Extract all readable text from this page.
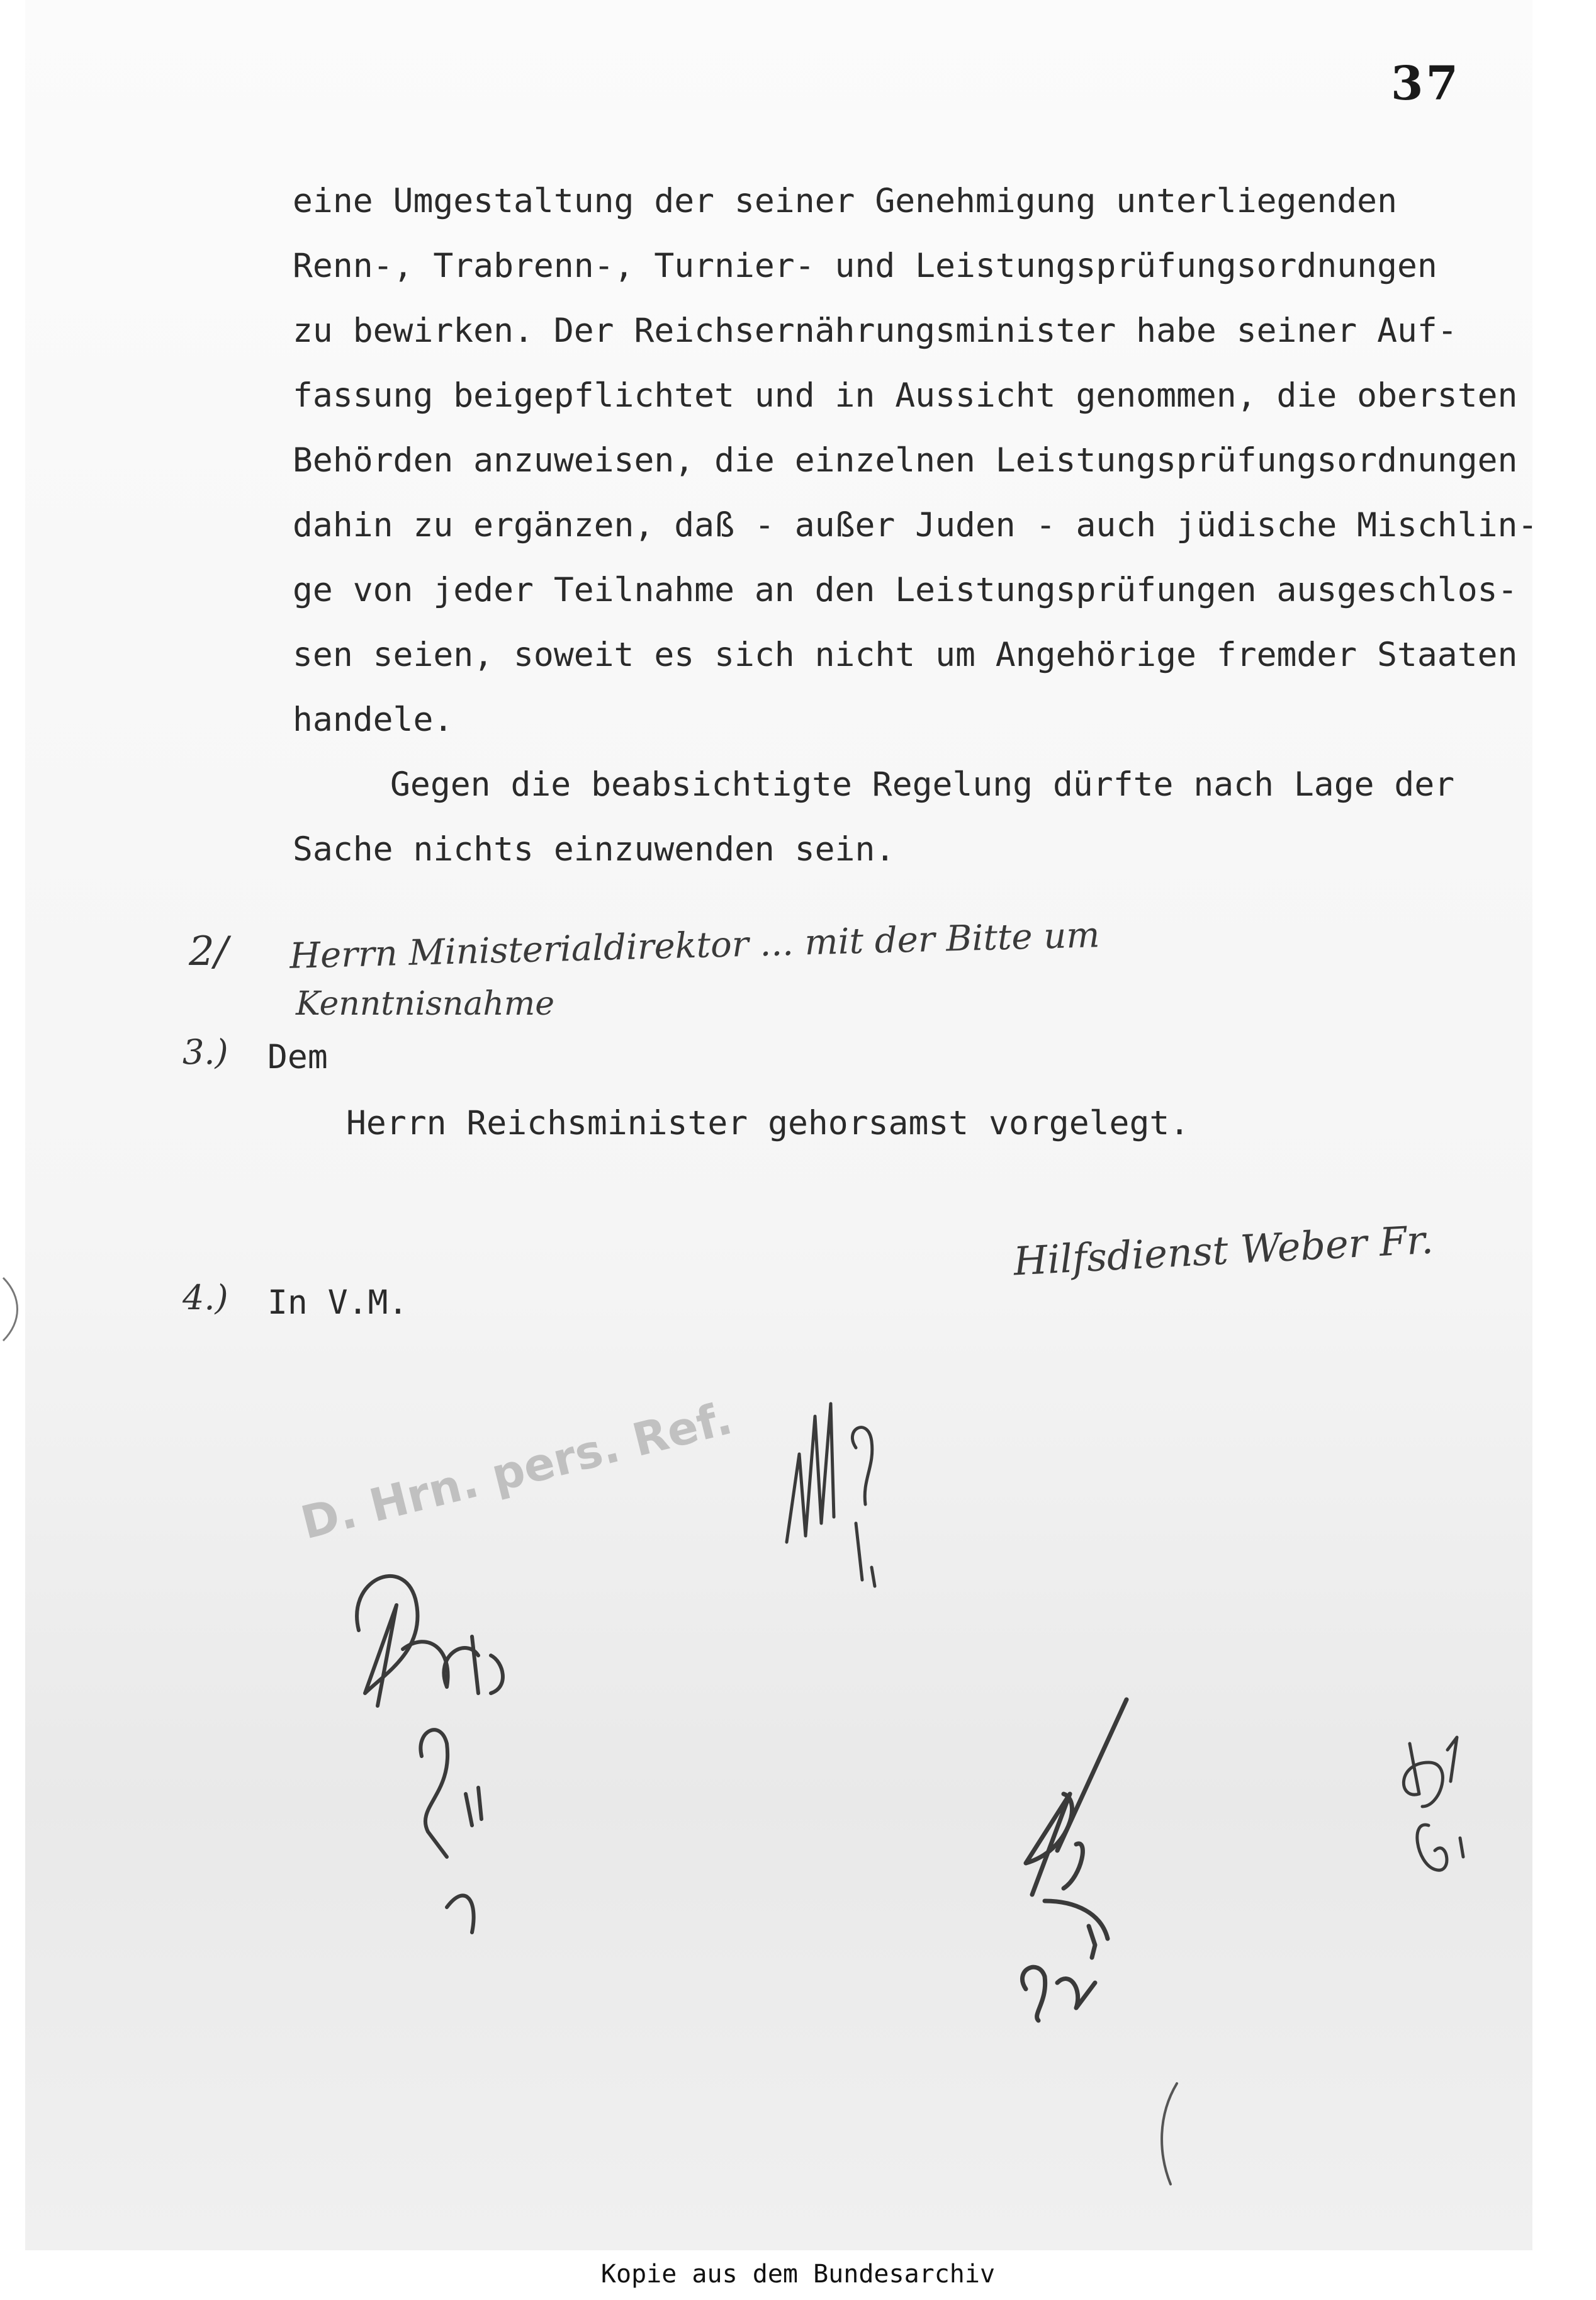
37
eine Umgestaltung der seiner Genehmigung unterliegenden
Renn-, Trabrenn-, Turnier- und Leistungsprüfungsordnungen
zu bewirken. Der Reichsernährungsminister habe seiner Auf-
fassung beigepflichtet und in Aussicht genommen, die obersten
Behörden anzuweisen, die einzelnen Leistungsprüfungsordnungen
dahin zu ergänzen, daß - außer Juden - auch jüdische Mischlin-
ge von jeder Teilnahme an den Leistungsprüfungen ausgeschlos-
sen seien, soweit es sich nicht um Angehörige fremder Staaten
handele.
Gegen die beabsichtigte Regelung dürfte nach Lage der
Sache nichts einzuwenden sein.
2/ Herrn Ministerialdirektor ... mit der Bitte um
Kenntnisnahme
3.) Dem
Herrn Reichsminister gehorsamst vorgelegt.
Hilfsdienst Weber Fr.
4.) In V.M.
D. Hrn. pers. Ref.
Kopie aus dem Bundesarchiv
